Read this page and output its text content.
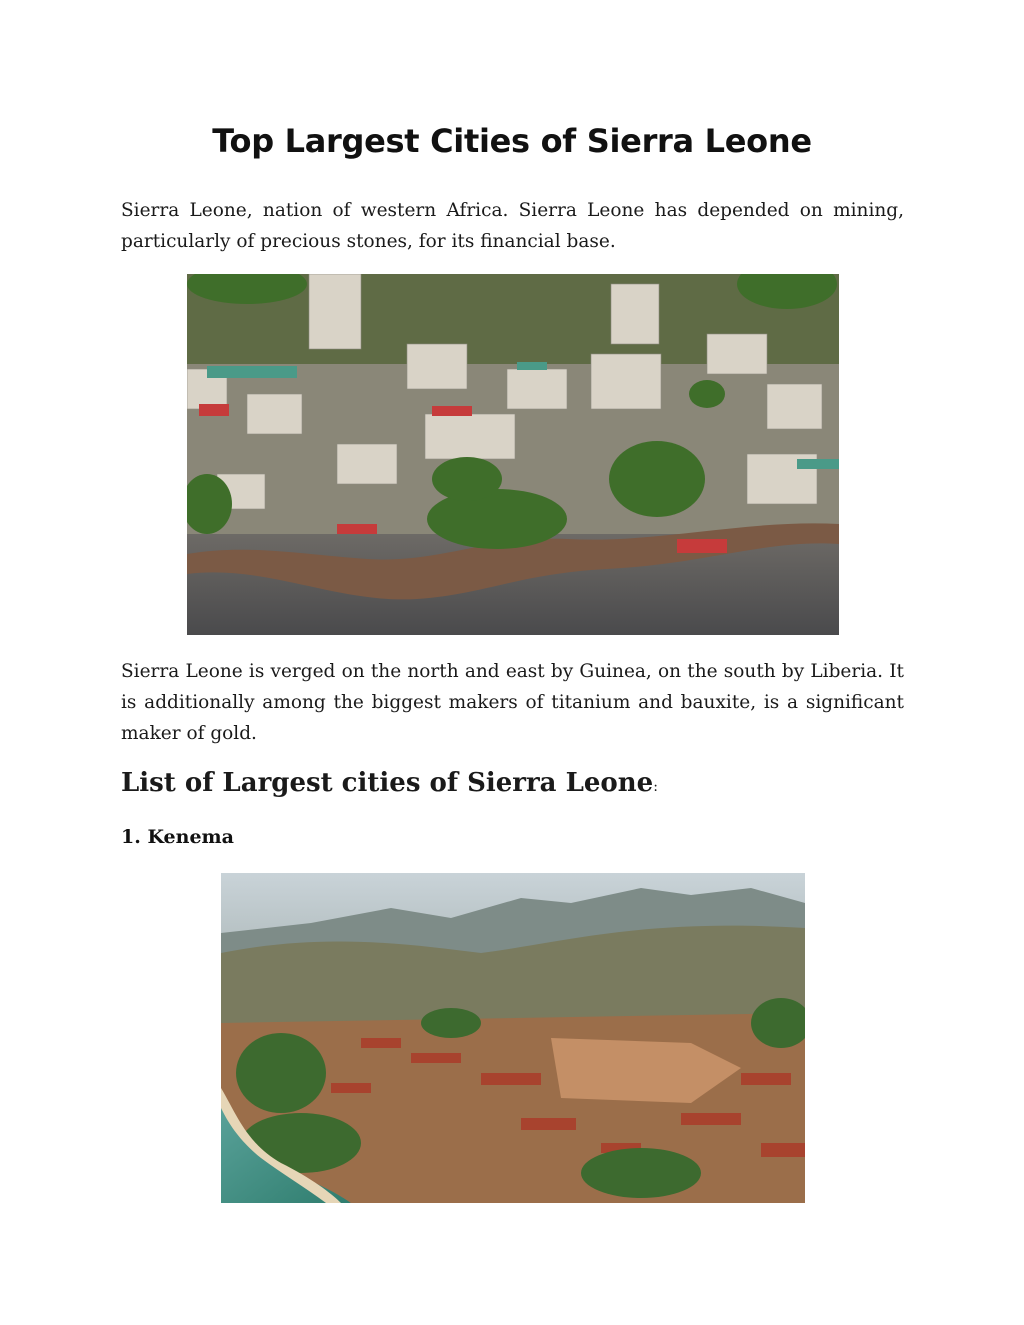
Top Largest Cities of Sierra Leone

Sierra Leone, nation of western Africa. Sierra Leone has depended on mining, particularly of precious stones, for its financial base.

Sierra Leone is verged on the north and east by Guinea, on the south by Liberia. It is additionally among the biggest makers of titanium and bauxite, is a significant maker of gold.

List of Largest cities of Sierra Leone:
1. Kenema
